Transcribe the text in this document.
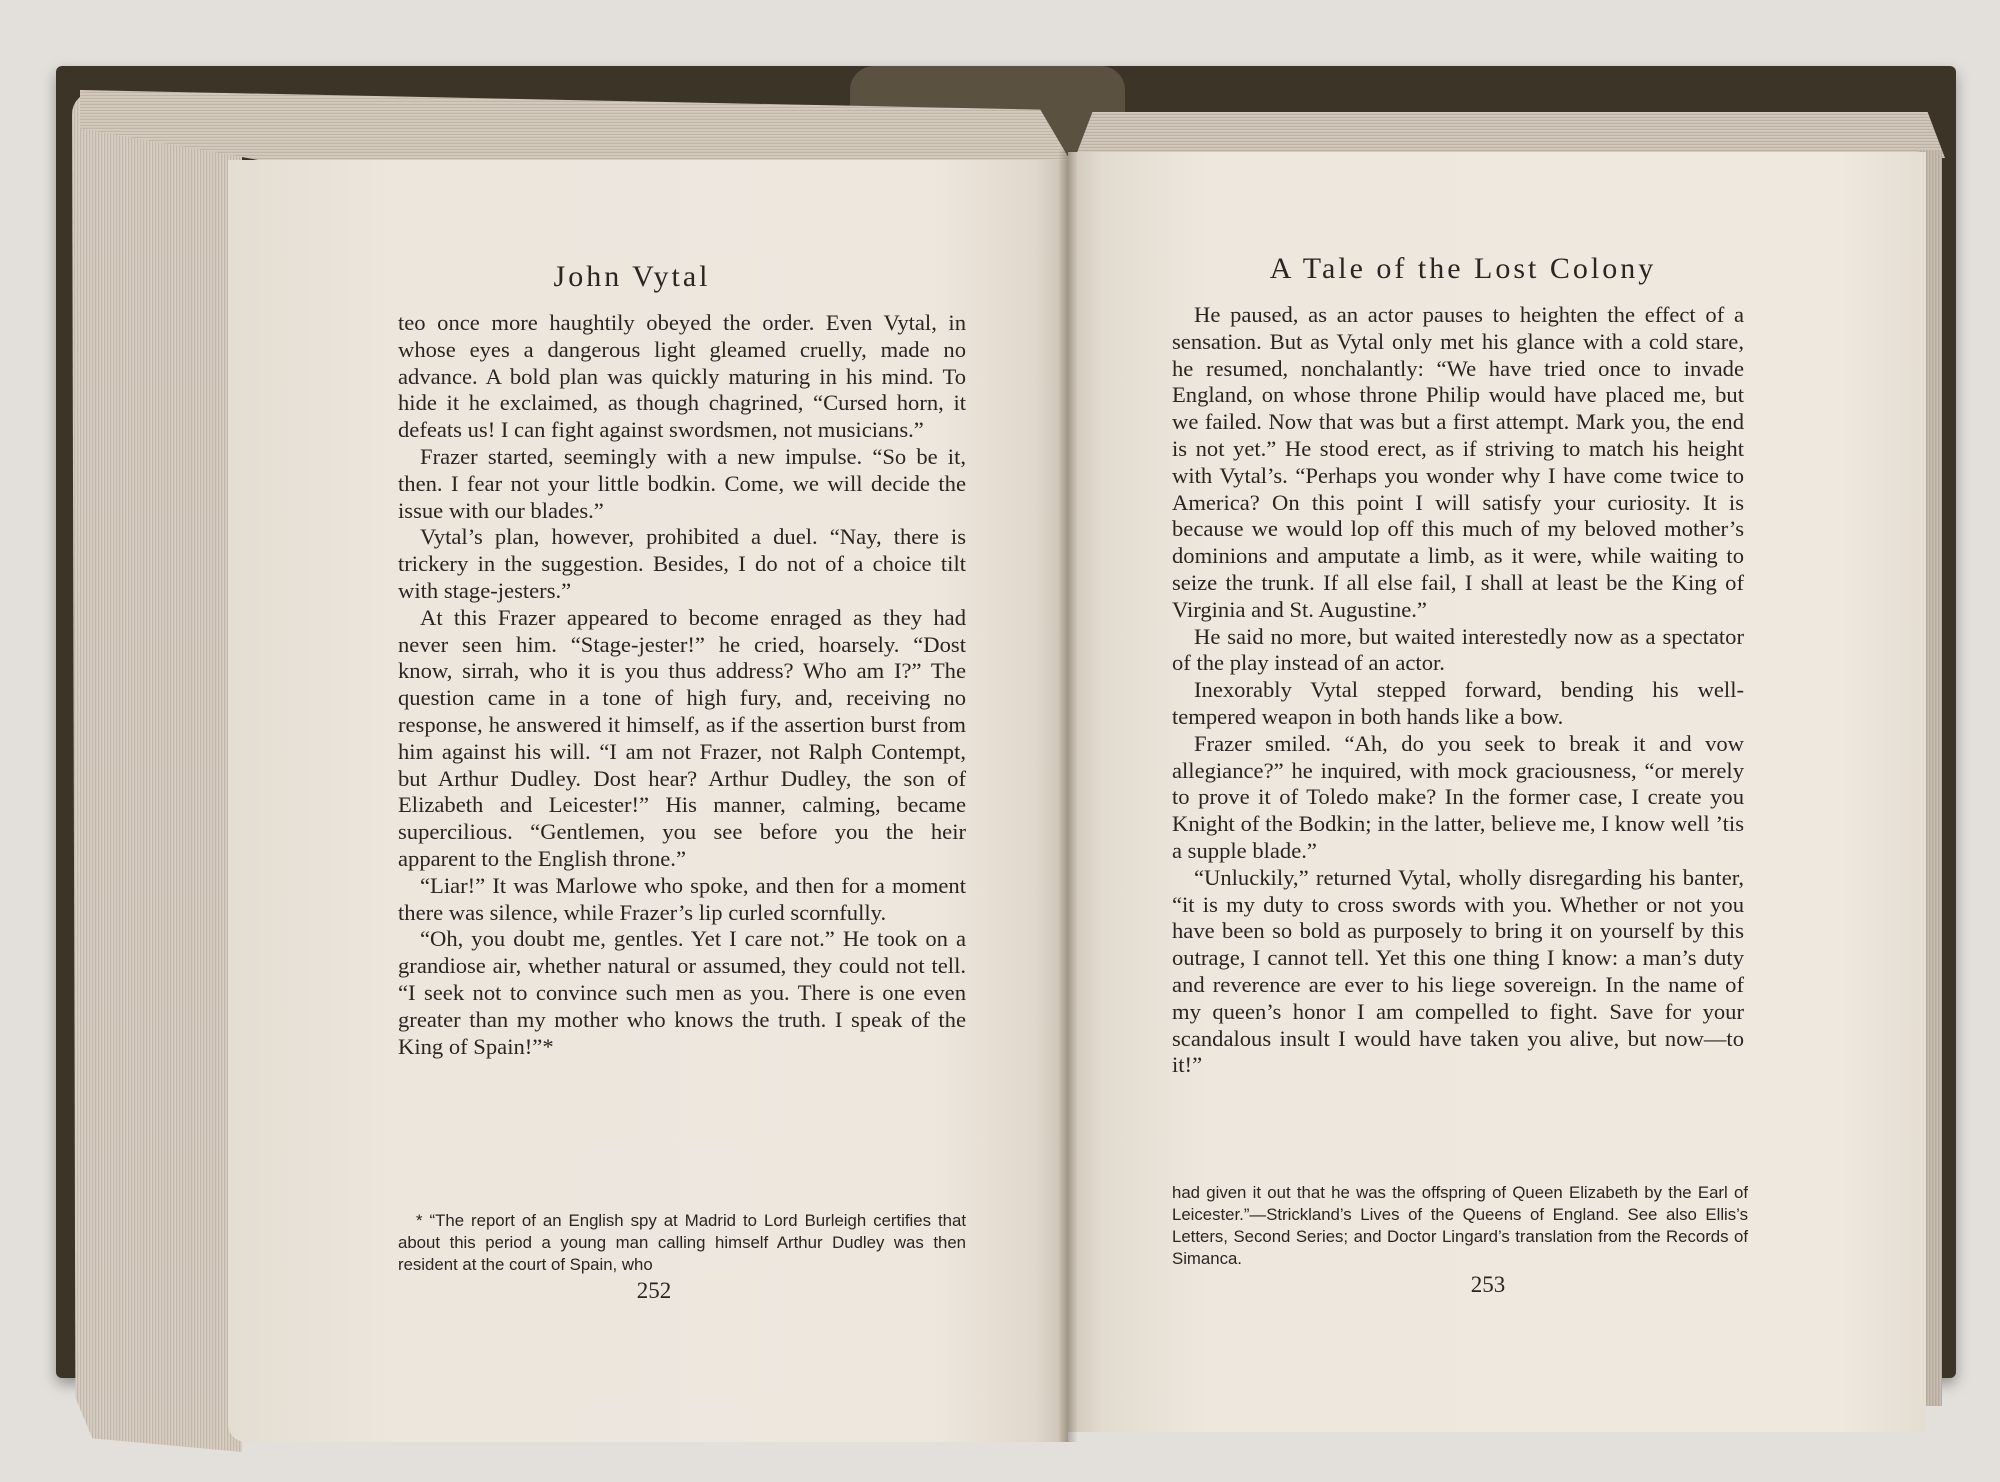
John Vytal

teo once more haughtily obeyed the order. Even Vytal, in whose eyes a dangerous light gleamed cruelly, made no advance. A bold plan was quickly maturing in his mind. To hide it he exclaimed, as though chagrined, “Cursed horn, it defeats us! I can fight against swordsmen, not musicians.”

Frazer started, seemingly with a new impulse. “So be it, then. I fear not your little bodkin. Come, we will decide the issue with our blades.”

Vytal’s plan, however, prohibited a duel. “Nay, there is trickery in the suggestion. Besides, I do not of a choice tilt with stage-jesters.”

At this Frazer appeared to become enraged as they had never seen him. “Stage-jester!” he cried, hoarsely. “Dost know, sirrah, who it is you thus address? Who am I?” The question came in a tone of high fury, and, receiving no response, he answered it himself, as if the assertion burst from him against his will. “I am not Frazer, not Ralph Contempt, but Arthur Dudley. Dost hear? Arthur Dudley, the son of Elizabeth and Leicester!” His manner, calming, became supercilious. “Gentlemen, you see before you the heir apparent to the English throne.”

“Liar!” It was Marlowe who spoke, and then for a moment there was silence, while Frazer’s lip curled scornfully.

“Oh, you doubt me, gentles. Yet I care not.” He took on a grandiose air, whether natural or assumed, they could not tell. “I seek not to convince such men as you. There is one even greater than my mother who knows the truth. I speak of the King of Spain!”*

* “The report of an English spy at Madrid to Lord Burleigh certifies that about this period a young man calling himself Arthur Dudley was then resident at the court of Spain, who

252
A Tale of the Lost Colony

He paused, as an actor pauses to heighten the effect of a sensation. But as Vytal only met his glance with a cold stare, he resumed, nonchalantly: “We have tried once to invade England, on whose throne Philip would have placed me, but we failed. Now that was but a first attempt. Mark you, the end is not yet.” He stood erect, as if striving to match his height with Vytal’s. “Perhaps you wonder why I have come twice to America? On this point I will satisfy your curiosity. It is because we would lop off this much of my beloved mother’s dominions and amputate a limb, as it were, while waiting to seize the trunk. If all else fail, I shall at least be the King of Virginia and St. Augustine.”

He said no more, but waited interestedly now as a spectator of the play instead of an actor.

Inexorably Vytal stepped forward, bending his well-tempered weapon in both hands like a bow.

Frazer smiled. “Ah, do you seek to break it and vow allegiance?” he inquired, with mock graciousness, “or merely to prove it of Toledo make? In the former case, I create you Knight of the Bodkin; in the latter, believe me, I know well ’tis a supple blade.”

“Unluckily,” returned Vytal, wholly disregarding his banter, “it is my duty to cross swords with you. Whether or not you have been so bold as purposely to bring it on yourself by this outrage, I cannot tell. Yet this one thing I know: a man’s duty and reverence are ever to his liege sovereign. In the name of my queen’s honor I am compelled to fight. Save for your scandalous insult I would have taken you alive, but now—to it!”

had given it out that he was the offspring of Queen Elizabeth by the Earl of Leicester.”—Strickland’s Lives of the Queens of England. See also Ellis’s Letters, Second Series; and Doctor Lingard’s translation from the Records of Simanca.

253
